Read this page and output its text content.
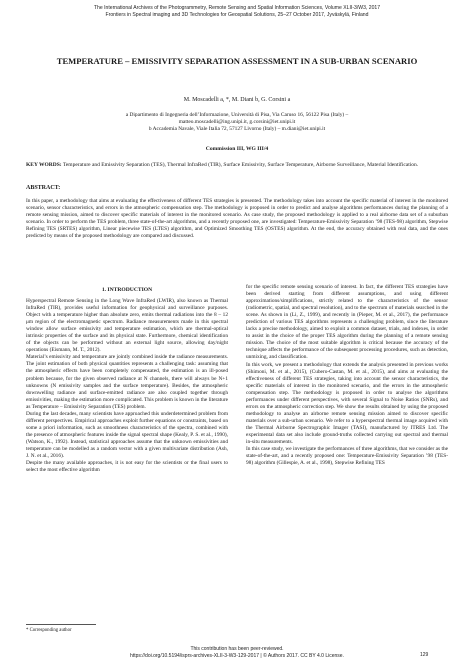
The International Archives of the Photogrammetry, Remote Sensing and Spatial Information Sciences, Volume XLII-3/W3, 2017
Frontiers in Spectral imaging and 3D Technologies for Geospatial Solutions, 25–27 October 2017, Jyväskylä, Finland
TEMPERATURE – EMISSIVITY SEPARATION ASSESSMENT IN A SUB-URBAN SCENARIO
M. Moscadelli a, *, M. Diani b, G. Corsini a
a Dipartimento di Ingegneria dell’Informazione, Università di Pisa, Via Caruso 16, 56122 Pisa (Italy) –
matteo.moscadelli@ing.unipi.it, g.corsini@iet.unipi.it
b Accademia Navale, Viale Italia 72, 57127 Livorno (Italy) – m.diani@iet.unipi.it
Commission III, WG III/4
KEY WORDS: Temperature and Emissivity Separation (TES), Thermal InfraRed (TIR), Surface Emissivity, Surface Temperature, Airborne Surveillance, Material Identification.
ABSTRACT:
In this paper, a methodology that aims at evaluating the effectiveness of different TES strategies is presented. The methodology takes into account the specific material of interest in the monitored scenario, sensor characteristics, and errors in the atmospheric compensation step. The methodology is proposed in order to predict and analyse algorithms performances during the planning of a remote sensing mission, aimed to discover specific materials of interest in the monitored scenario. As case study, the proposed methodology is applied to a real airborne data set of a suburban scenario. In order to perform the TES problem, three state-of-the-art algorithms, and a recently proposed one, are investigated: Temperature-Emissivity Separation ’98 (TES-98) algorithm, Stepwise Refining TES (SRTES) algorithm, Linear piecewise TES (LTES) algorithm, and Optimized Smoothing TES (OSTES) algorithm. At the end, the accuracy obtained with real data, and the ones predicted by means of the proposed methodology are compared and discussed.
1. INTRODUCTION

Hyperspectral Remote Sensing in the Long Wave InfraRed (LWIR), also known as Thermal InfraRed (TIR), provides useful information for geophysical and surveillance purposes. Object with a temperature higher than absolute zero, emits thermal radiations into the 8 – 12 μm region of the electromagnetic spectrum. Radiance measurements made in this spectral window allow surface emissivity and temperature estimation, which are thermal-optical intrinsic properties of the surface and its physical state. Furthermore, chemical identification of the objects can be performed without an external light source, allowing day/night operations (Eismann, M. T., 2012).

Material’s emissivity and temperature are jointly combined inside the radiance measurements. The joint estimation of both physical quantities represents a challenging task: assuming that the atmospheric effects have been completely compensated, the estimation is an ill-posed problem because, for the given observed radiance at N channels, there will always be N+1 unknowns (N emissivity samples and the surface temperature). Besides, the atmospheric downwelling radiance and surface-emitted radiance are also coupled together through emissivities, making the estimation more complicated. This problem is known in the literature as Temperature – Emissivity Separation (TES) problem.

During the last decades, many scientists have approached this underdetermined problem from different perspectives. Empirical approaches exploit further equations or constraints, based on some a priori information, such as smoothness characteristics of the spectra, combined with the presence of atmospheric features inside the signal spectral shape (Kealy, P. S. et al., 1990), (Watson, K., 1992). Instead, statistical approaches assume that the unknown emissivities and temperature can be modelled as a random vector with a given multivariate distribution (Ash, J. N. et al., 2016).

Despite the many available approaches, it is not easy for the scientists or the final users to select the most effective algorithm

for the specific remote sensing scenario of interest. In fact, the different TES strategies have been derived starting from different assumptions, and using different approximations/simplifications, strictly related to the characteristics of the sensor (radiometric, spatial, and spectral resolution), and to the spectrum of materials searched in the scene. As shown in (Li, Z., 1999), and recently in (Pieper, M. et al., 2017), the performance prediction of various TES algorithms represents a challenging problem, since the literature lacks a precise methodology, aimed to exploit a common dataset, trials, and indexes, in order to assist in the choice of the proper TES algorithm during the planning of a remote sensing mission. The choice of the most suitable algorithm is critical because the accuracy of the technique affects the performance of the subsequent processing procedures, such as detection, unmixing, and classification.

In this work, we present a methodology that extends the analysis presented in previous works (Shimoni, M. et al., 2015), (Cubero-Castan, M. et al., 2015), and aims at evaluating the effectiveness of different TES strategies, taking into account the sensor characteristics, the specific materials of interest in the monitored scenario, and the errors in the atmospheric compensation step. The methodology is proposed in order to analyse the algorithms performances under different perspectives, with several Signal to Noise Ratios (SNRs), and errors on the atmospheric correction step. We show the results obtained by using the proposed methodology to analyse an airborne remote sensing mission aimed to discover specific materials over a sub-urban scenario. We refer to a hyperspectral thermal image acquired with the Thermal Airborne Spectrographic Imager (TASI), manufactured by ITRES Ltd. The experimental data set also include ground-truths collected carrying out spectral and thermal in-situ measurements.

In this case study, we investigate the performances of three algorithms, that we consider as the state-of-the-art, and a recently proposed one: Temperature-Emissivity Separation ’98 (TES-98) algorithm (Gillespie, A. et al., 1998), Stepwise Refining TES

* Corresponding author
This contribution has been peer-reviewed.
https://doi.org/10.5194/isprs-archives-XLII-3-W3-129-2017 | © Authors 2017. CC BY 4.0 License.	129
